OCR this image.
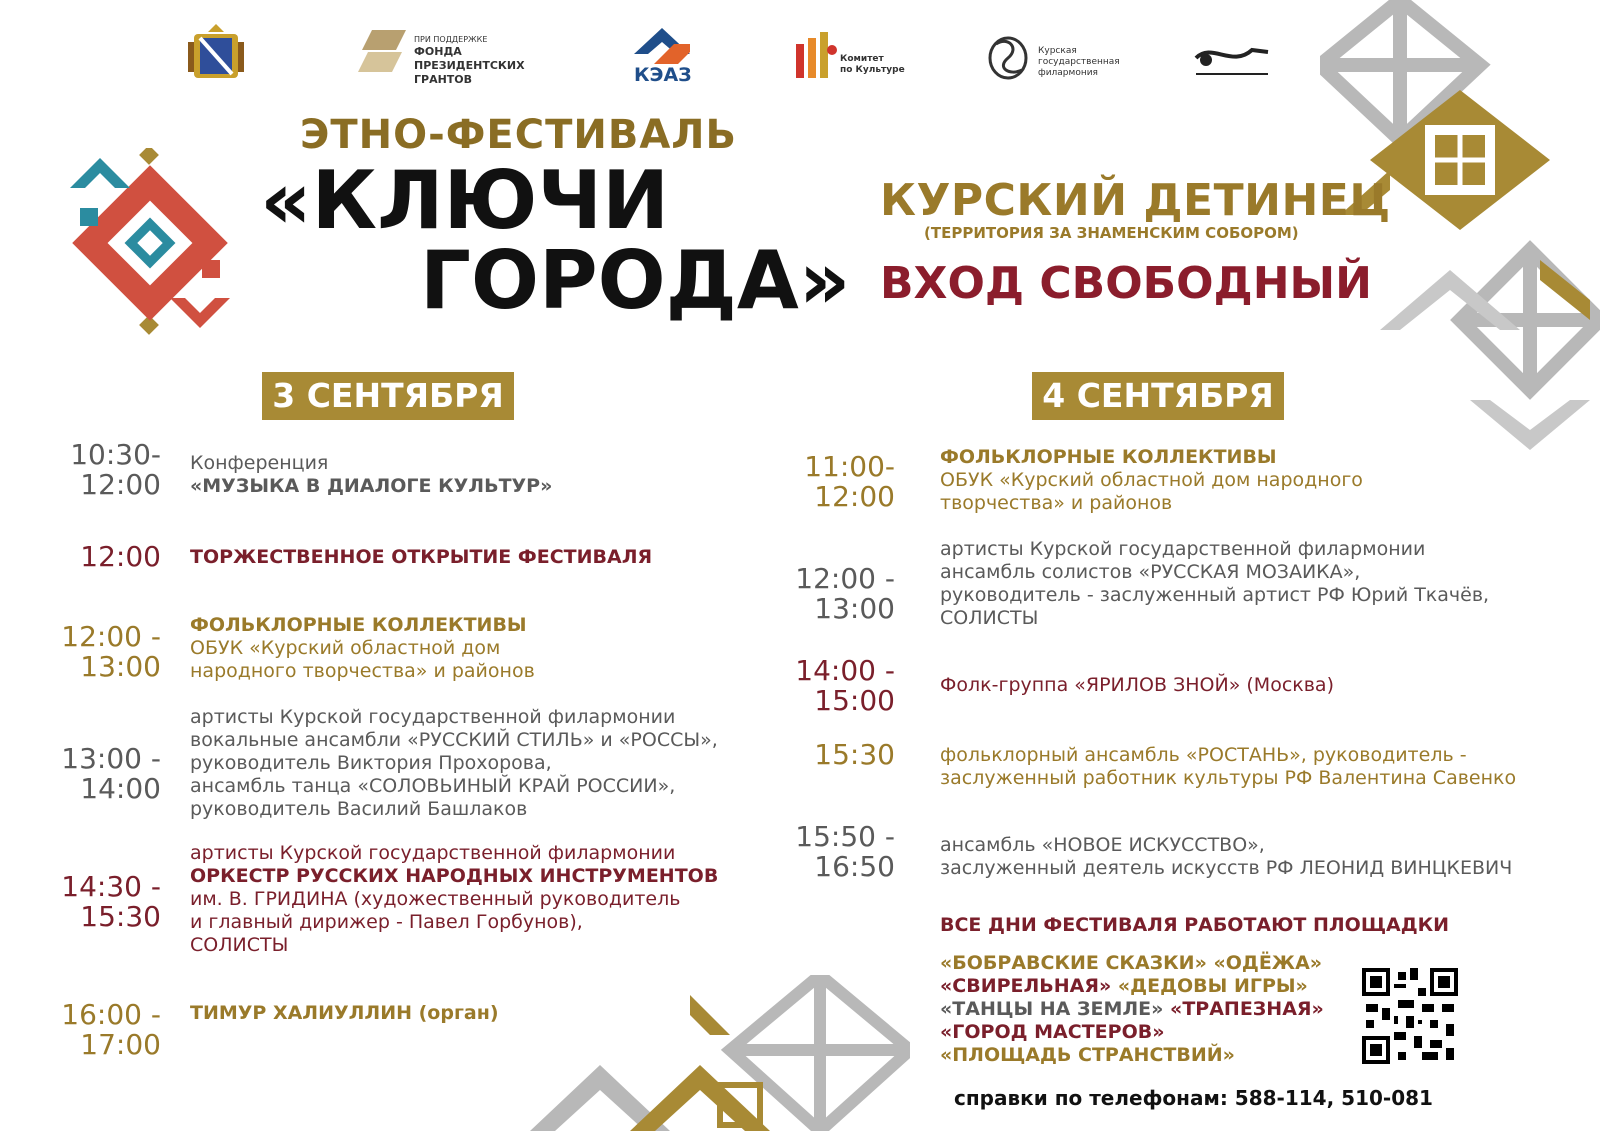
ПРИ ПОДДЕРЖКЕ
ФОНДА
ПРЕЗИДЕНТСКИХ
ГРАНТОВ	КЭАЗ
Комитет
по Культуре
Курская
государственная
филармония
ЭТНО-ФЕСТИВАЛЬ
«КЛЮЧИ
ГОРОДА»
КУРСКИЙ ДЕТИНЕЦ
(ТЕРРИТОРИЯ ЗА ЗНАМЕНСКИМ СОБОРОМ)
ВХОД СВОБОДНЫЙ
3 СЕНТЯБРЯ	4 СЕНТЯБРЯ
10:30-
12:00
Конференция
«МУЗЫКА В ДИАЛОГЕ КУЛЬТУР»
12:00 ТОРЖЕСТВЕННОЕ ОТКРЫТИЕ ФЕСТИВАЛЯ
12:00 -
13:00
ФОЛЬКЛОРНЫЕ КОЛЛЕКТИВЫ
ОБУК «Курский областной дом
народного творчества» и районов
13:00 -
14:00
артисты Курской государственной филармонии
вокальные ансамбли «РУССКИЙ СТИЛЬ» и «РОССЫ»,
руководитель Виктория Прохорова,
ансамбль танца «СОЛОВЬИНЫЙ КРАЙ РОССИИ»,
руководитель Василий Башлаков
14:30 -
15:30
артисты Курской государственной филармонии
ОРКЕСТР РУССКИХ НАРОДНЫХ ИНСТРУМЕНТОВ
им. В. ГРИДИНА (художественный руководитель
и главный дирижер - Павел Горбунов),
СОЛИСТЫ
16:00 -
17:00
ТИМУР ХАЛИУЛЛИН (орган)
11:00-
12:00
ФОЛЬКЛОРНЫЕ КОЛЛЕКТИВЫ
ОБУК «Курский областной дом народного
творчества» и районов
12:00 -
13:00
артисты Курской государственной филармонии
ансамбль солистов «РУССКАЯ МОЗАИКА»,
руководитель - заслуженный артист РФ Юрий Ткачёв,
СОЛИСТЫ
14:00 -
15:00 Фолк-группа «ЯРИЛОВ ЗНОЙ» (Москва)
15:30 фольклорный ансамбль «РОСТАНЬ», руководитель -
заслуженный работник культуры РФ Валентина Савенко
15:50 -
16:50
ансамбль «НОВОЕ ИСКУССТВО»,
заслуженный деятель искусств РФ ЛЕОНИД ВИНЦКЕВИЧ
ВСЕ ДНИ ФЕСТИВАЛЯ РАБОТАЮТ ПЛОЩАДКИ
«БОБРАВСКИЕ СКАЗКИ» «ОДЁЖА»
«СВИРЕЛЬНАЯ» «ДЕДОВЫ ИГРЫ»
«ТАНЦЫ НА ЗЕМЛЕ» «ТРАПЕЗНАЯ»
«ГОРОД МАСТЕРОВ»
«ПЛОЩАДЬ СТРАНСТВИЙ»
справки по телефонам: 588-114, 510-081
